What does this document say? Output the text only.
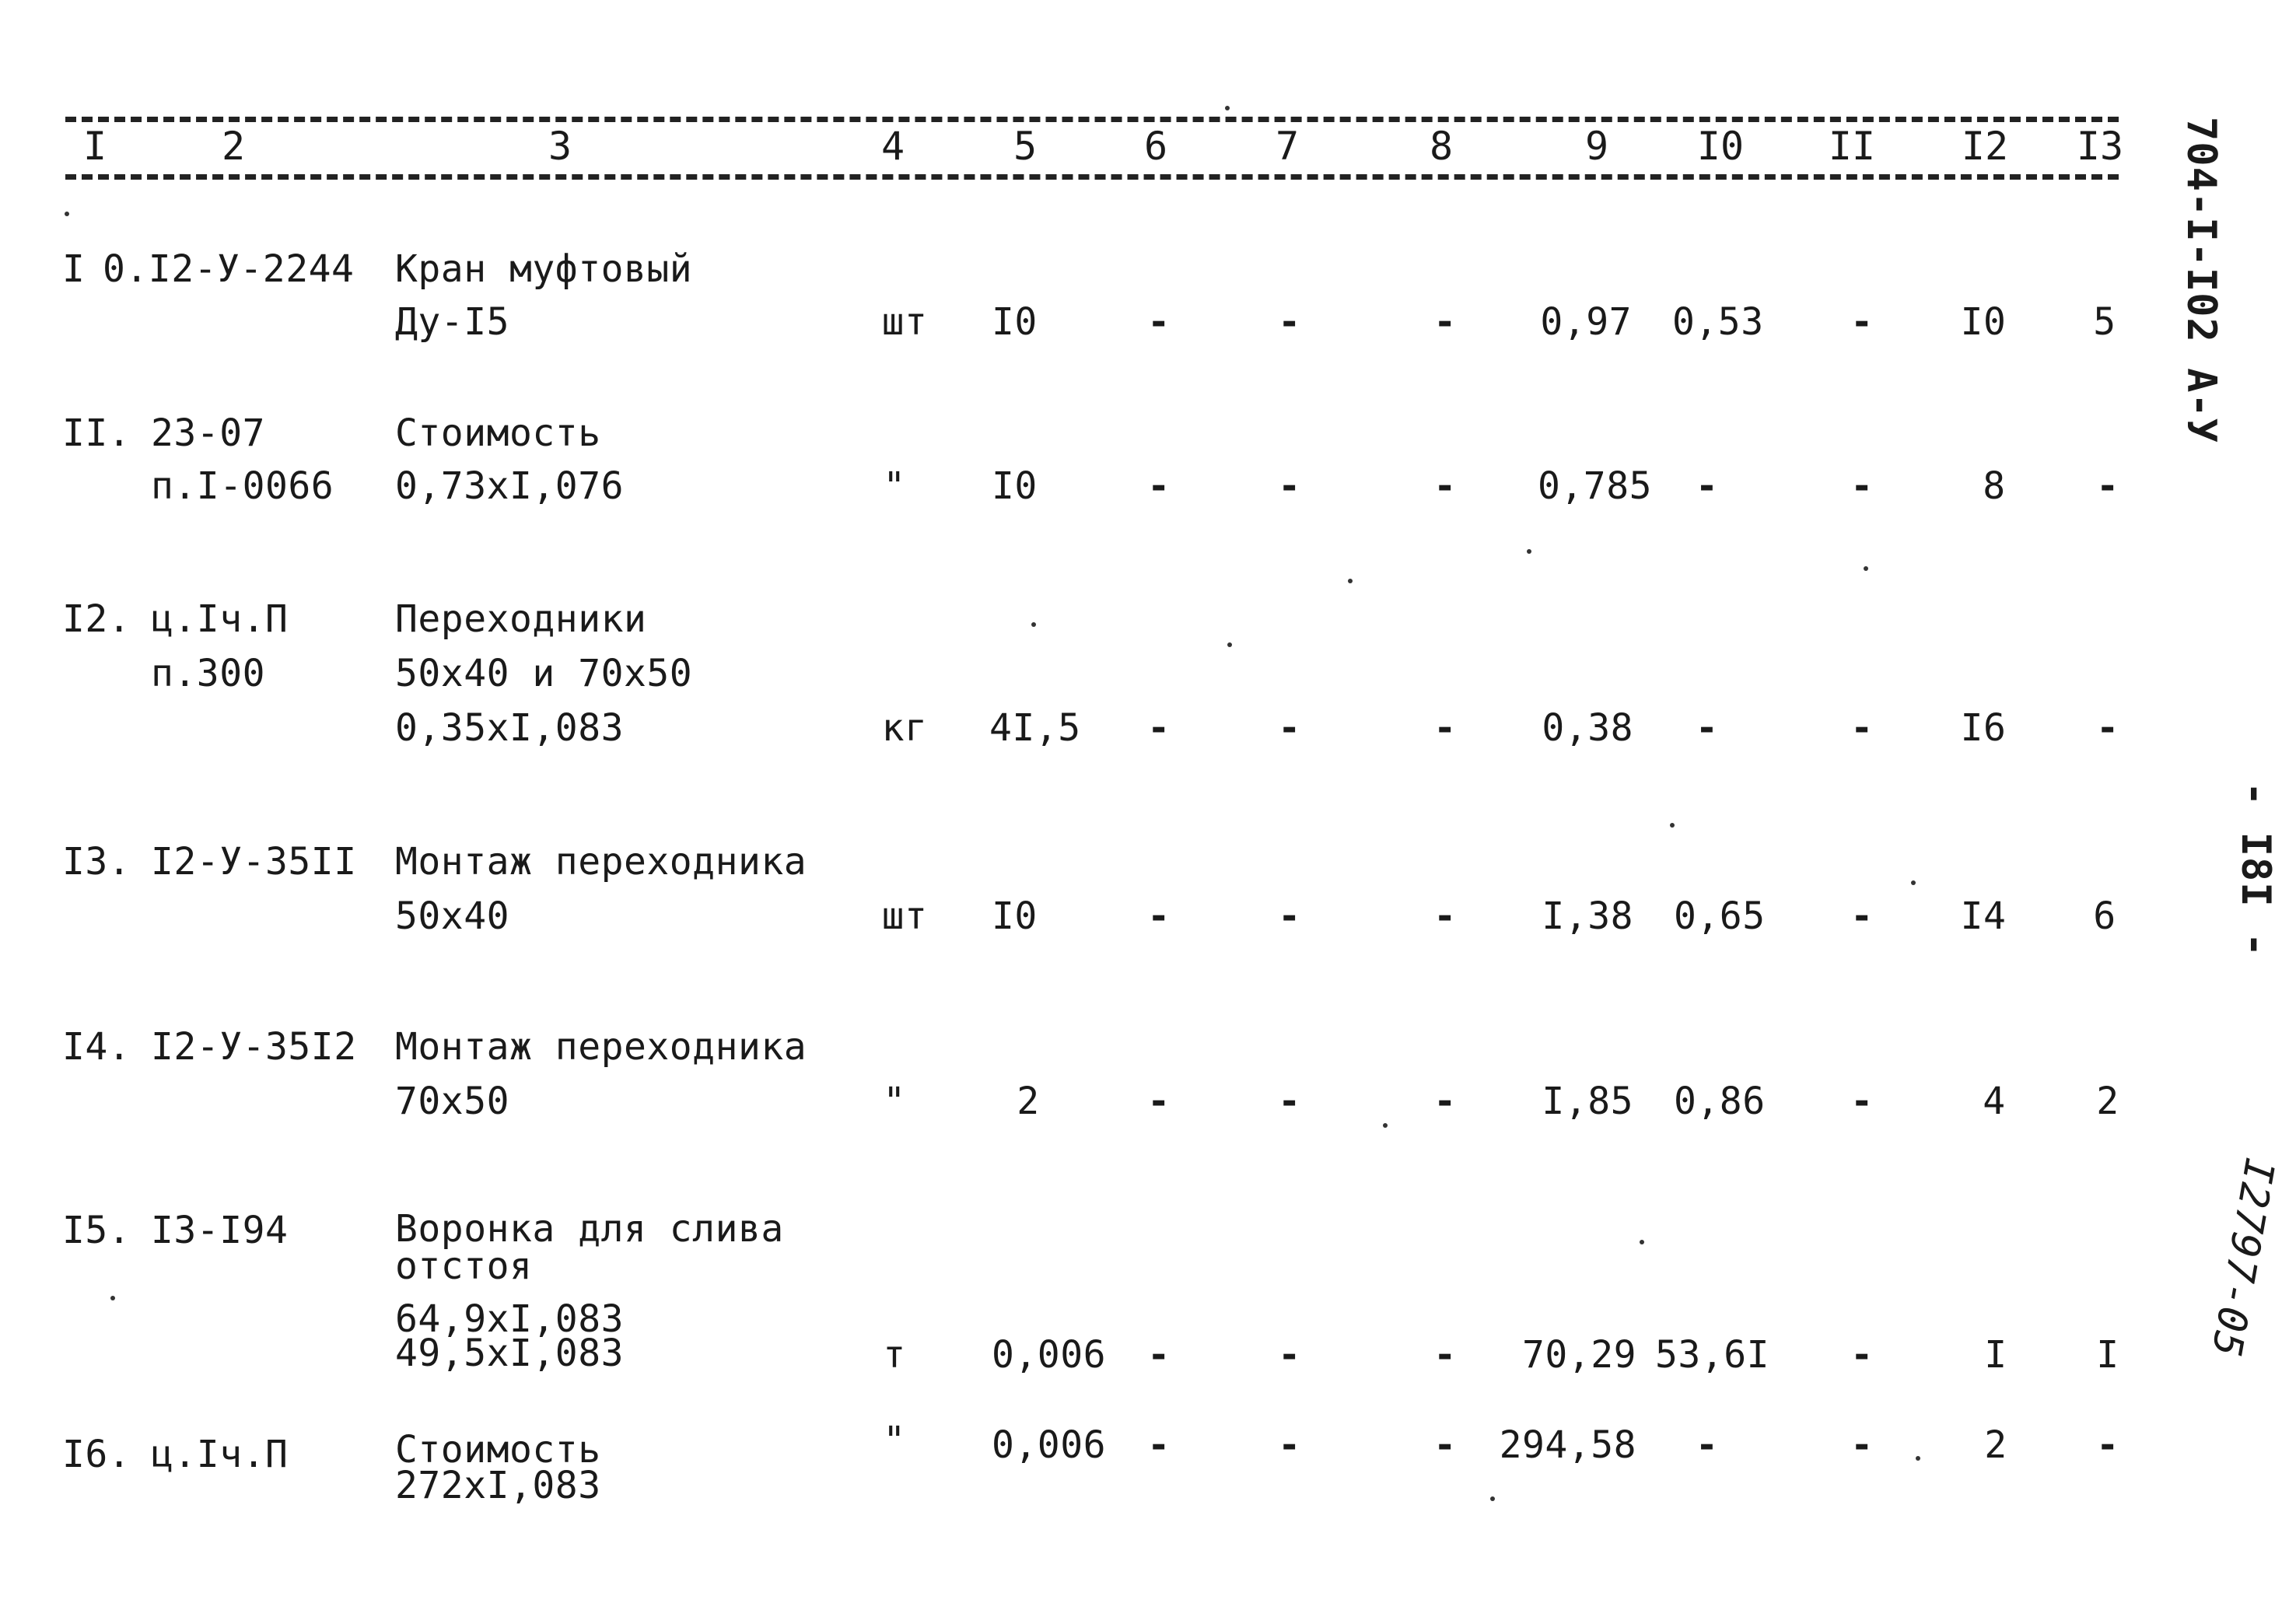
I	2	3	4	5	6	7	8	9 I0 II I2 I3
I 0.I2-У-2244 Кран муфтовый
Ду-I5	шт I0	-	-	- 0,97 0,53 - I0 5
II. 23-07
п.I-0066
Стоимость
0,73хI,076	" I0	-	-	- 0,785 -	-	8 -
I2. ц.Iч.П
п.300
Переходники
50х40 и 70х50
0,35хI,083	кг 4I,5 -	-	- 0,38 -	- I6 -
I3. I2-У-35II Монтаж переходника
50х40	шт I0	-	-	- I,38 0,65 - I4 6
I4. I2-У-35I2 Монтаж переходника
70х50	"	2	-	-	- I,85 0,86 -	4 2
I5. I3-I94	Воронка для слива
отстоя
64,9хI,083
49,5хI,083	т 0,006 -	-	- 70,29 53,6I -	I I
I6. ц.Iч.П	Стоимость
272хI,083
" 0,006 -	-	- 294,58 -	-	2 -
704-I-I02 А-У
- I8I -
I2797-05
